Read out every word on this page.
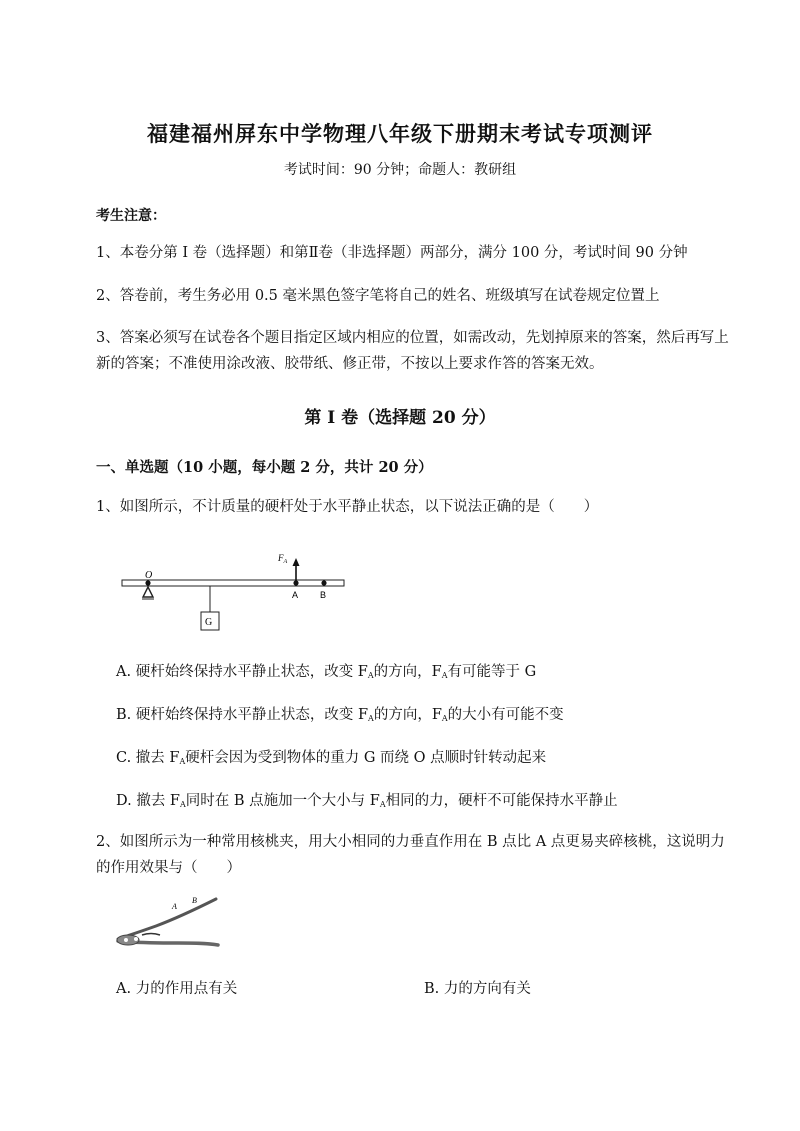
福建福州屏东中学物理八年级下册期末考试专项测评
考试时间：90 分钟；命题人：教研组
考生注意：
1、本卷分第 I 卷（选择题）和第Ⅱ卷（非选择题）两部分，满分 100 分，考试时间 90 分钟
2、答卷前，考生务必用 0.5 毫米黑色签字笔将自己的姓名、班级填写在试卷规定位置上
3、答案必须写在试卷各个题目指定区域内相应的位置，如需改动，先划掉原来的答案，然后再写上新的答案；不准使用涂改液、胶带纸、修正带，不按以上要求作答的答案无效。
第 I 卷（选择题 20 分）
一、单选题（10 小题，每小题 2 分，共计 20 分）
1、如图所示，不计质量的硬杆处于水平静止状态，以下说法正确的是（　　）
O
G
$F_A$
A B
A. 硬杆始终保持水平静止状态，改变 $F_A$的方向，$F_A$有可能等于 G
B. 硬杆始终保持水平静止状态，改变 $F_A$的方向，$F_A$的大小有可能不变
C. 撤去 $F_A$硬杆会因为受到物体的重力 G 而绕 O 点顺时针转动起来
D. 撤去 $F_A$同时在 B 点施加一个大小与 $F_A$相同的力，硬杆不可能保持水平静止
2、如图所示为一种常用核桃夹，用大小相同的力垂直作用在 B 点比 A 点更易夹碎核桃，这说明力的作用效果与（　　）
A
B
A. 力的作用点有关	B. 力的方向有关
